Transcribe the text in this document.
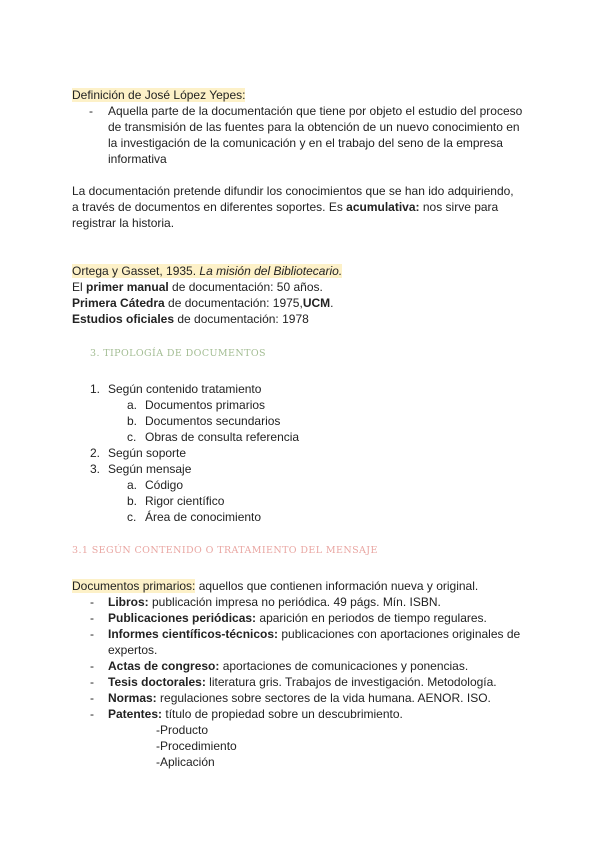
Definición de José López Yepes:
- Aquella parte de la documentación que tiene por objeto el estudio del proceso
de transmisión de las fuentes para la obtención de un nuevo conocimiento en
la investigación de la comunicación y en el trabajo del seno de la empresa
informativa
La documentación pretende difundir los conocimientos que se han ido adquiriendo,
a través de documentos en diferentes soportes. Es acumulativa: nos sirve para
registrar la historia.
Ortega y Gasset, 1935. La misión del Bibliotecario.
El primer manual de documentación: 50 años.
Primera Cátedra de documentación: 1975,UCM.
Estudios oficiales de documentación: 1978
3. TIPOLOGÍA DE DOCUMENTOS
1. Según contenido tratamiento
a. Documentos primarios
b. Documentos secundarios
c. Obras de consulta referencia
2. Según soporte
3. Según mensaje
a. Código
b. Rigor científico
c. Área de conocimiento
3.1 SEGÚN CONTENIDO O TRATAMIENTO DEL MENSAJE
Documentos primarios: aquellos que contienen información nueva y original.
- Libros: publicación impresa no periódica. 49 págs. Mín. ISBN.
- Publicaciones periódicas: aparición en periodos de tiempo regulares.
- Informes científicos-técnicos: publicaciones con aportaciones originales de
expertos.
- Actas de congreso: aportaciones de comunicaciones y ponencias.
- Tesis doctorales: literatura gris. Trabajos de investigación. Metodología.
- Normas: regulaciones sobre sectores de la vida humana. AENOR. ISO.
- Patentes: título de propiedad sobre un descubrimiento.
-Producto
-Procedimiento
-Aplicación
